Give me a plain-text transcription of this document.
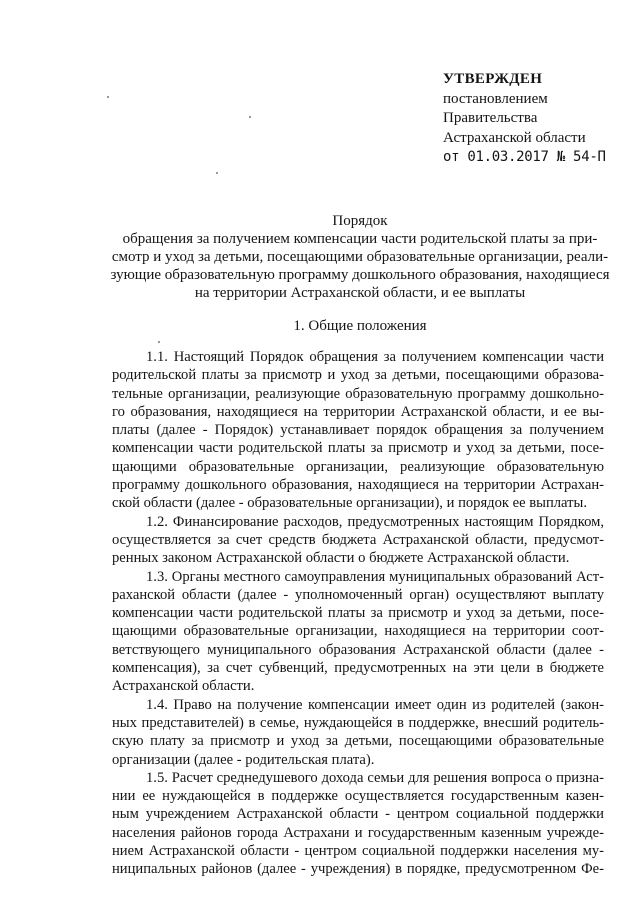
УТВЕРЖДЕН
постановлением
Правительства
Астраханской области
от 01.03.2017 № 54-П
Порядок
обращения за получением компенсации части родительской платы за при-
смотр и уход за детьми, посещающими образовательные организации, реали-
зующие образовательную программу дошкольного образования, находящиеся
на территории Астраханской области, и ее выплаты
1. Общие положения
1.1. Настоящий Порядок обращения за получением компенсации части
родительской платы за присмотр и уход за детьми, посещающими образова-
тельные организации, реализующие образовательную программу дошкольно-
го образования, находящиеся на территории Астраханской области, и ее вы-
платы (далее - Порядок) устанавливает порядок обращения за получением
компенсации части родительской платы за присмотр и уход за детьми, посе-
щающими образовательные организации, реализующие образовательную
программу дошкольного образования, находящиеся на территории Астрахан-
ской области (далее - образовательные организации), и порядок ее выплаты.
1.2. Финансирование расходов, предусмотренных настоящим Порядком,
осуществляется за счет средств бюджета Астраханской области, предусмот-
ренных законом Астраханской области о бюджете Астраханской области.
1.3. Органы местного самоуправления муниципальных образований Аст-
раханской области (далее - уполномоченный орган) осуществляют выплату
компенсации части родительской платы за присмотр и уход за детьми, посе-
щающими образовательные организации, находящиеся на территории соот-
ветствующего муниципального образования Астраханской области (далее -
компенсация), за счет субвенций, предусмотренных на эти цели в бюджете
Астраханской области.
1.4. Право на получение компенсации имеет один из родителей (закон-
ных представителей) в семье, нуждающейся в поддержке, внесший родитель-
скую плату за присмотр и уход за детьми, посещающими образовательные
организации (далее - родительская плата).
1.5. Расчет среднедушевого дохода семьи для решения вопроса о призна-
нии ее нуждающейся в поддержке осуществляется государственным казен-
ным учреждением Астраханской области - центром социальной поддержки
населения районов города Астрахани и государственным казенным учрежде-
нием Астраханской области - центром социальной поддержки населения му-
ниципальных районов (далее - учреждения) в порядке, предусмотренном Фе-
